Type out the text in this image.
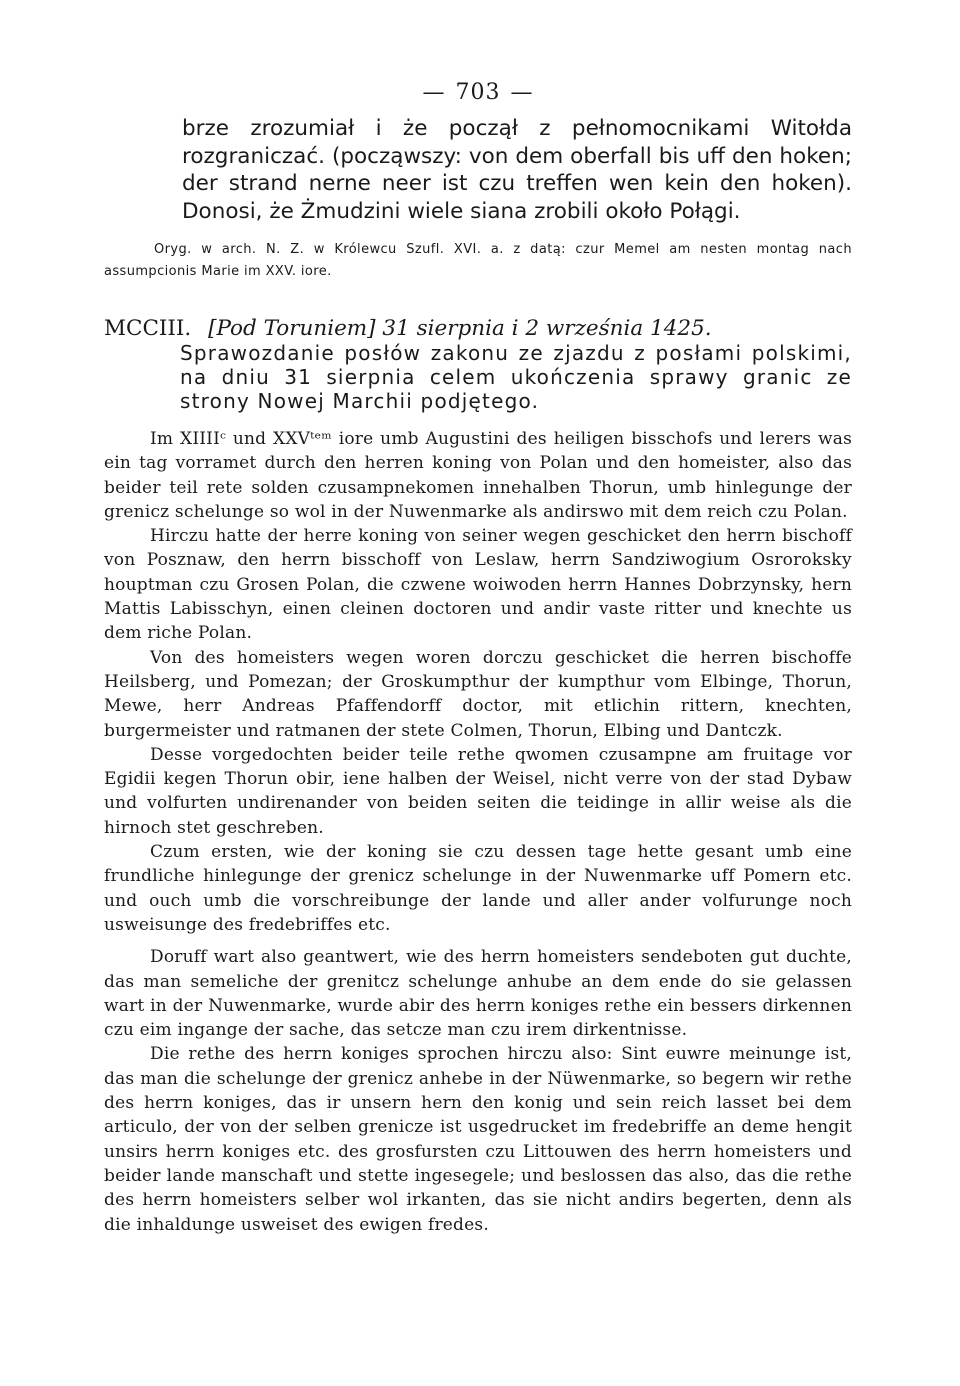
— 703 —

brze zrozumiał i że począł z pełnomocnikami Witołda rozgraniczać. (począwszy: von dem oberfall bis uff den hoken; der strand nerne neer ist czu treffen wen kein den hoken). Donosi, że Żmudzini wiele siana zrobili około Połągi.

Oryg. w arch. N. Z. w Królewcu Szufl. XVI. a. z datą: czur Memel am nesten montag nach assumpcionis Marie im XXV. iore.

MCCIII. [Pod Toruniem] 31 sierpnia i 2 września 1425.

Sprawozdanie posłów zakonu ze zjazdu z posłami polskimi, na dniu 31 sierpnia celem ukończenia sprawy granic ze strony Nowej Marchii podjętego.

Im XIIIIᶜ und XXVᵗᵉᵐ iore umb Augustini des heiligen bisschofs und lerers was ein tag vorramet durch den herren koning von Polan und den homeister, also das beider teil rete solden czusampnekomen innehalben Thorun, umb hinlegunge der grenicz schelunge so wol in der Nuwenmarke als andirswo mit dem reich czu Polan.

Hirczu hatte der herre koning von seiner wegen geschicket den herrn bischoff von Posznaw, den herrn bisschoff von Leslaw, herrn Sandziwogium Osrorokskу houptman czu Grosen Polan, die czwene woiwoden herrn Hannes Dobrzynsky, hern Mattis Labisschyn, einen cleinen doctoren und andir vaste ritter und knechte us dem riche Polan.

Von des homeisters wegen woren dorczu geschicket die herren bischoffe Heilsberg, und Pomezan; der Groskumpthur der kumpthur vom Elbinge, Thorun, Mewe, herr Andreas Pfaffendorff doctor, mit etlichin rittern, knechten, burgermeister und ratmanen der stete Colmen, Thorun, Elbing und Dantczk.

Desse vorgedochten beider teile rethe qwomen czusampne am fruitage vor Egidii kegen Thorun obir, iene halben der Weisel, nicht verre von der stad Dybaw und volfurten undirenander von beiden seiten die teidinge in allir weise als die hirnoch stet geschreben.

Czum ersten, wie der koning sie czu dessen tage hette gesant umb eine frundliche hinlegunge der grenicz schelunge in der Nuwenmarke uff Pomern etc. und ouch umb die vorschreibunge der lande und aller ander volfurunge noch usweisunge des fredebriffes etc.

Doruff wart also geantwert, wie des herrn homeisters sendeboten gut duchte, das man semeliche der grenitcz schelunge anhube an dem ende do sie gelassen wart in der Nuwenmarke, wurde abir des herrn koniges rethe ein bessers dirkennen czu eim ingange der sache, das setcze man czu irem dirkentnisse.

Die rethe des herrn koniges sprochen hirczu also: Sint euwre meinunge ist, das man die schelunge der grenicz anhebe in der Nüwenmarke, so begern wir rethe des herrn koniges, das ir unsern hern den konig und sein reich lasset bei dem articulo, der von der selben grenicze ist usgedrucket im fredebriffe an deme hengit unsirs herrn koniges etc. des grosfursten czu Littouwen des herrn homeisters und beider lande manschaft und stette ingesegele; und beslossen das also, das die rethe des herrn homeisters selber wol irkanten, das sie nicht andirs begerten, denn als die inhaldunge usweiset des ewigen fredes.
